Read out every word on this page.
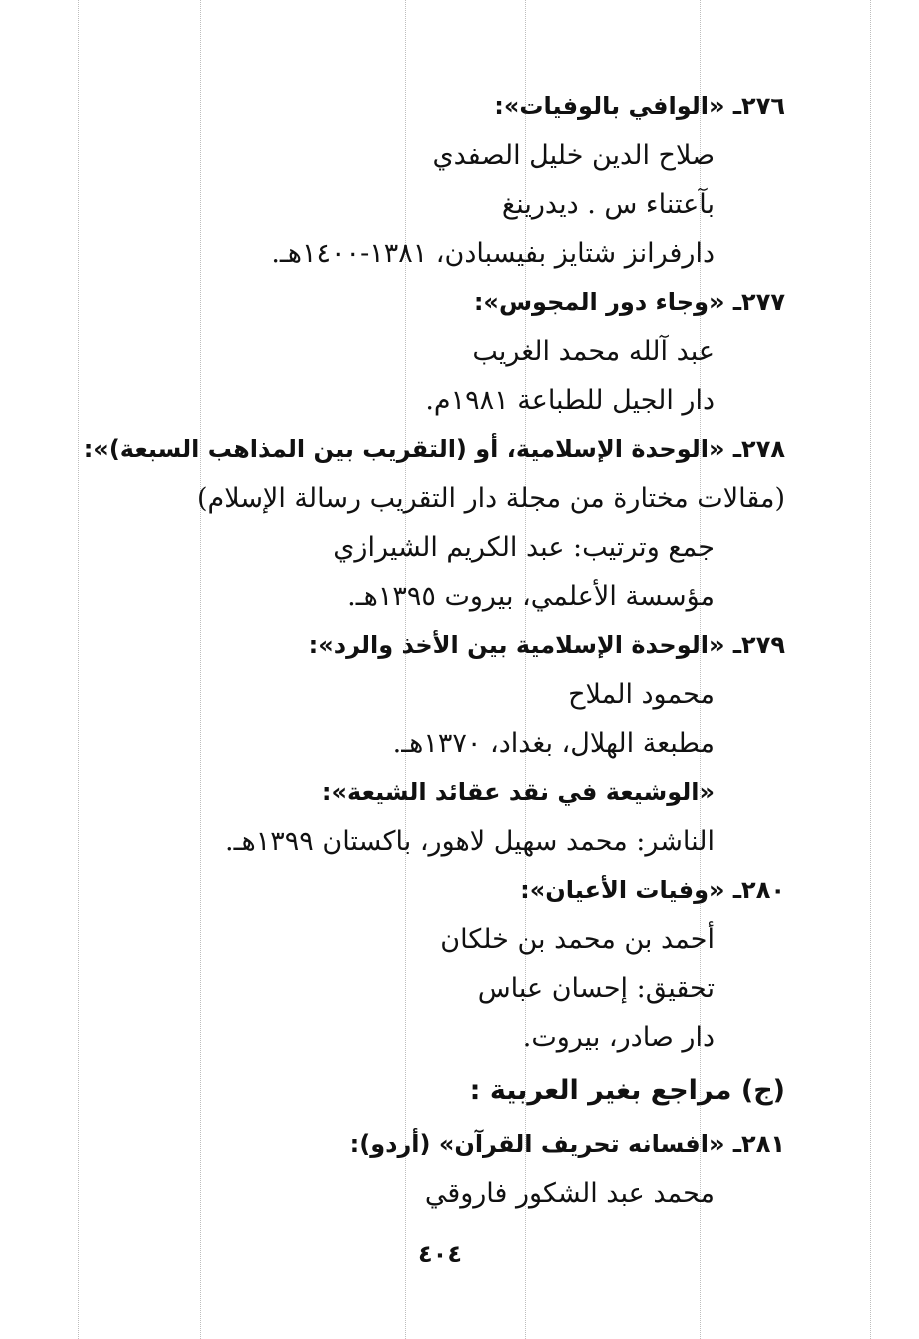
٢٧٦ـ «الوافي بالوفيات»:
صلاح الدين خليل الصفدي
بآعتناء س . ديدرينغ
دارفرانز شتايز بفيسبادن، ١٣٨١-١٤٠٠هـ.
٢٧٧ـ «وجاء دور المجوس»:
عبد آلله محمد الغريب
دار الجيل للطباعة ١٩٨١م.
٢٧٨ـ «الوحدة الإسلامية، أو (التقريب بين المذاهب السبعة)»:
(مقالات مختارة من مجلة دار التقريب رسالة الإسلام)
جمع وترتيب: عبد الكريم الشيرازي
مؤسسة الأعلمي، بيروت ١٣٩٥هـ.
٢٧٩ـ «الوحدة الإسلامية بين الأخذ والرد»:
محمود الملاح
مطبعة الهلال، بغداد، ١٣٧٠هـ.
«الوشيعة في نقد عقائد الشيعة»:
الناشر: محمد سهيل لاهور، باكستان ١٣٩٩هـ.
٢٨٠ـ «وفيات الأعيان»:
أحمد بن محمد بن خلكان
تحقيق: إحسان عباس
دار صادر، بيروت.
(ج) مراجع بغير العربية :
٢٨١ـ «افسانه تحريف القرآن» (أردو):
محمد عبد الشكور فاروقي
٤٠٤
